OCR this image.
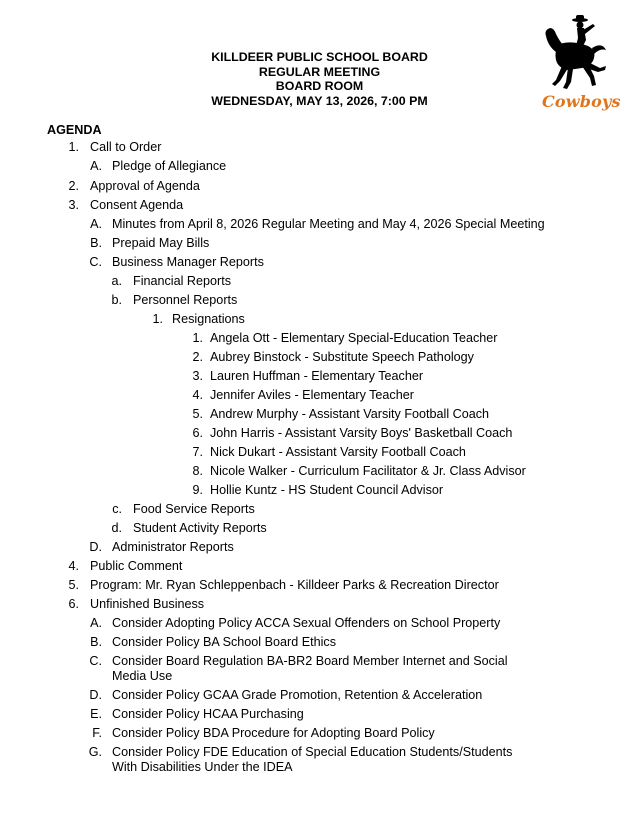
KILLDEER PUBLIC SCHOOL BOARD
REGULAR MEETING
BOARD ROOM
WEDNESDAY, MAY 13, 2026, 7:00 PM	Cowboys
AGENDA
1. Call to Order
A. Pledge of Allegiance
2. Approval of Agenda
3. Consent Agenda
A. Minutes from April 8, 2026 Regular Meeting and May 4, 2026 Special Meeting
B. Prepaid May Bills
C. Business Manager Reports
a. Financial Reports
b. Personnel Reports
1. Resignations
1. Angela Ott - Elementary Special-Education Teacher
2. Aubrey Binstock - Substitute Speech Pathology
3. Lauren Huffman - Elementary Teacher
4. Jennifer Aviles - Elementary Teacher
5. Andrew Murphy - Assistant Varsity Football Coach
6. John Harris - Assistant Varsity Boys' Basketball Coach
7. Nick Dukart - Assistant Varsity Football Coach
8. Nicole Walker - Curriculum Facilitator & Jr. Class Advisor
9. Hollie Kuntz - HS Student Council Advisor
c. Food Service Reports
d. Student Activity Reports
D. Administrator Reports
4. Public Comment
5. Program: Mr. Ryan Schleppenbach - Killdeer Parks & Recreation Director
6. Unfinished Business
A. Consider Adopting Policy ACCA Sexual Offenders on School Property
B. Consider Policy BA School Board Ethics
C. Consider Board Regulation BA-BR2 Board Member Internet and Social
Media Use
D. Consider Policy GCAA Grade Promotion, Retention & Acceleration
E. Consider Policy HCAA Purchasing
F. Consider Policy BDA Procedure for Adopting Board Policy
G. Consider Policy FDE Education of Special Education Students/Students
With Disabilities Under the IDEA
